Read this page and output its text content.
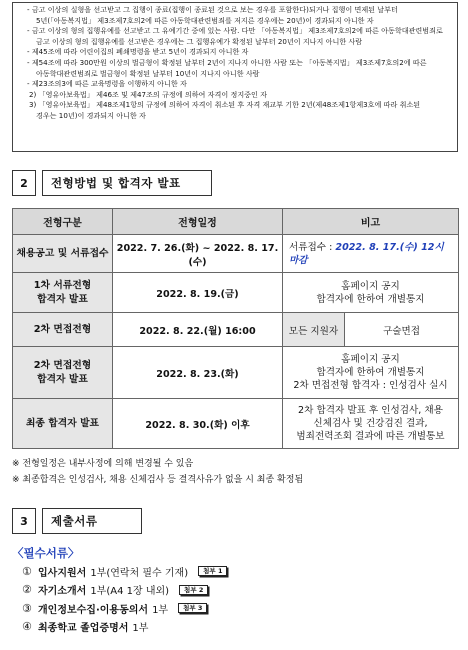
- 금고 이상의 실형을 선고받고 그 집행이 종료(집행이 종료된 것으로 보는 경우를 포함한다)되거나 집행이 면제된 날부터

5년(「아동복지법」 제3조제7호의2에 따른 아동학대관련범죄를 저지른 경우에는 20년)이 경과되지 아니한 자

- 금고 이상의 형의 집행유예를 선고받고 그 유예기간 중에 있는 사람. 다만 「아동복지법」 제3조제7호의2에 따른 아동학대관련범죄로

금고 이상의 형의 집행유예를 선고받은 경우에는 그 집행유예가 확정된 날부터 20년이 지나지 아니한 사람

- 제45조에 따라 어린이집의 폐쇄명령을 받고 5년이 경과되지 아니한 자

- 제54조에 따라 300만원 이상의 벌금형이 확정된 날부터 2년이 지나지 아니한 사람 또는 「아동복지법」 제3조제7호의2에 따른

아동학대관련범죄로 벌금형이 확정된 날부터 10년이 지나지 아니한 사람

- 제23조의3에 따른 교육명령을 이행하지 아니한 자

2) 「영유아보육법」 제46조 및 제47조의 규정에 의하여 자격이 정지중인 자

3) 「영유아보육법」 제48조제1항의 규정에 의하여 자격이 취소된 후 자격 재교부 기한 2년(제48조제1항제3호에 따라 취소된

경우는 10년)이 경과되지 아니한 자

2	전형방법 및 합격자 발표
전형구분	전형일정	비고
채용공고 및 서류접수	2022. 7. 26.(화) ~ 2022. 8. 17.(수)	서류접수 : 2022. 8. 17.(수) 12시 마감
1차 서류전형
합격자 발표	2022. 8. 19.(금)	홈페이지 공지
합격자에 한하여 개별통지
2차 면접전형	2022. 8. 22.(월) 16:00	모든 지원자 구술면접

2차 면접전형
합격자 발표	2022. 8. 23.(화)	홈페이지 공지
합격자에 한하여 개별통지
2차 면접전형 합격자 : 인성검사 실시
최종 합격자 발표	2022. 8. 30.(화) 이후	2차 합격자 발표 후 인성검사, 채용
신체검사 및 건강검진 결과,
범죄전력조회 결과에 따른 개별통보
※ 전형일정은 내부사정에 의해 변경될 수 있음
※ 최종합격은 인성검사, 채용 신체검사 등 결격사유가 없을 시 최종 확정됨
3	제출서류
〈필수서류〉
① 입사지원서 1부(연락처 필수 기재)	첨부 1
② 자기소개서 1부(A4 1장 내외)	첨부 2
③ 개인정보수집·이용동의서 1부	첨부 3
④ 최종학교 졸업증명서 1부
